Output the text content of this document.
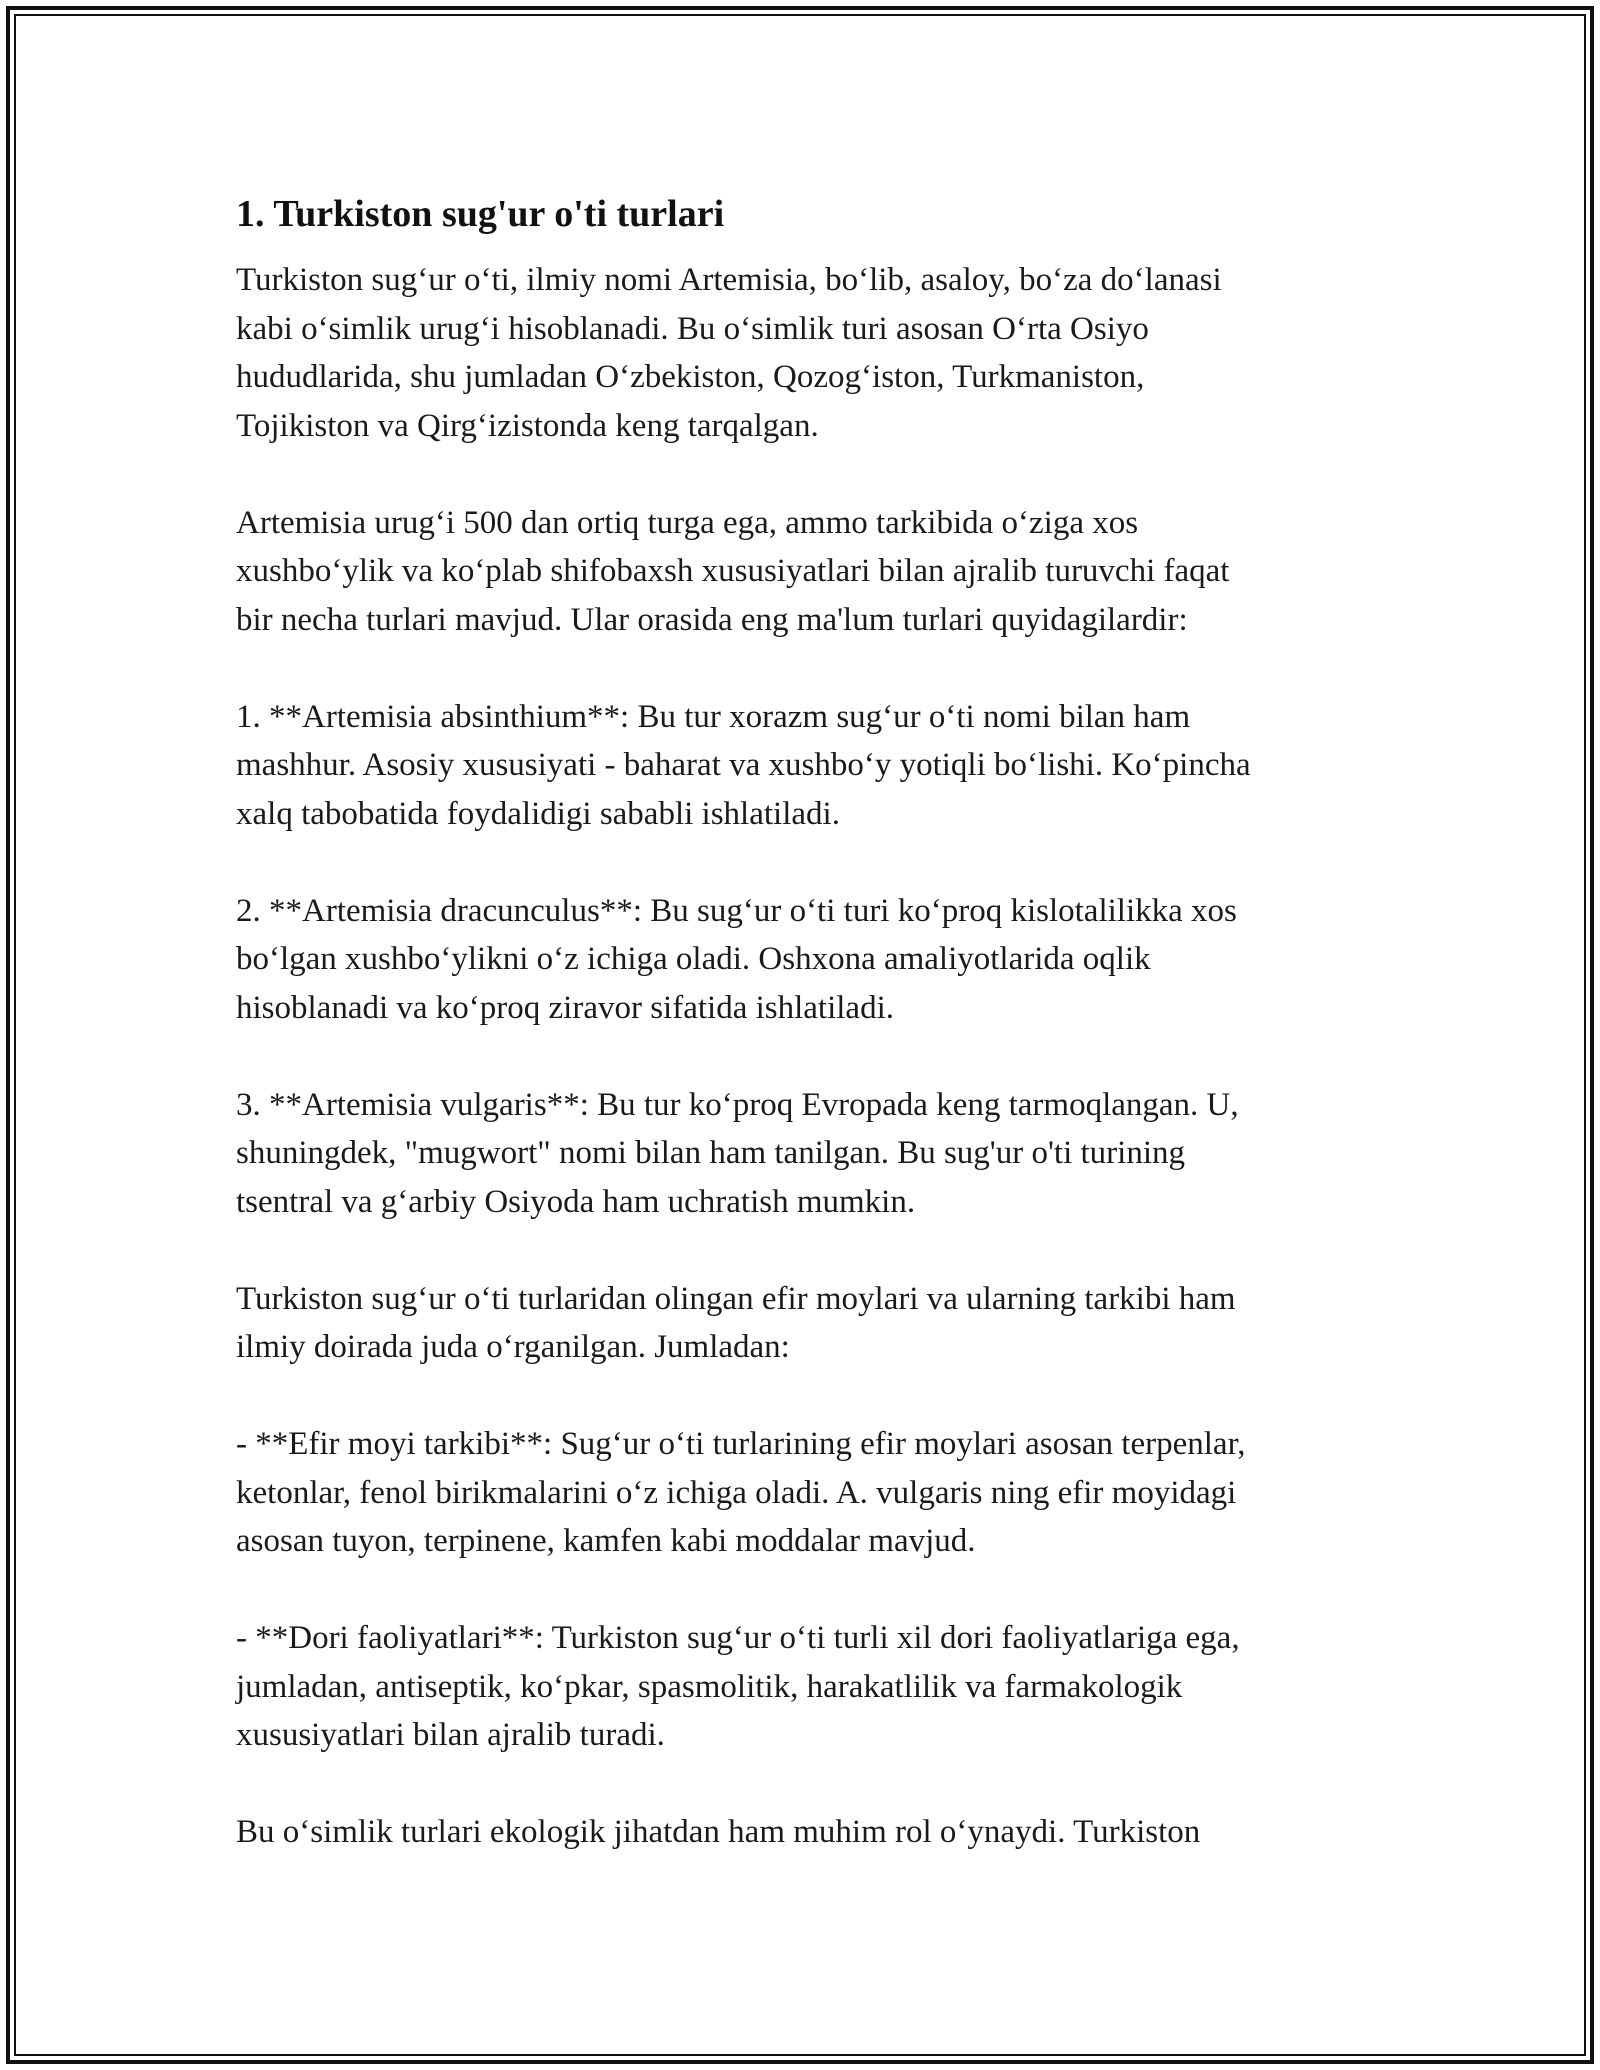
1. Turkiston sug'ur o'ti turlari

Turkiston sug‘ur o‘ti, ilmiy nomi Artemisia, bo‘lib, asaloy, bo‘za do‘lanasi
kabi o‘simlik urug‘i hisoblanadi. Bu o‘simlik turi asosan O‘rta Osiyo
hududlarida, shu jumladan O‘zbekiston, Qozog‘iston, Turkmaniston,
Tojikiston va Qirg‘izistonda keng tarqalgan.

Artemisia urug‘i 500 dan ortiq turga ega, ammo tarkibida o‘ziga xos
xushbo‘ylik va ko‘plab shifobaxsh xususiyatlari bilan ajralib turuvchi faqat
bir necha turlari mavjud. Ular orasida eng ma'lum turlari quyidagilardir:

1. **Artemisia absinthium**: Bu tur xorazm sug‘ur o‘ti nomi bilan ham
mashhur. Asosiy xususiyati - baharat va xushbo‘y yotiqli bo‘lishi. Ko‘pincha
xalq tabobatida foydalidigi sababli ishlatiladi.

2. **Artemisia dracunculus**: Bu sug‘ur o‘ti turi ko‘proq kislotalilikka xos
bo‘lgan xushbo‘ylikni o‘z ichiga oladi. Oshxona amaliyotlarida oqlik
hisoblanadi va ko‘proq ziravor sifatida ishlatiladi.

3. **Artemisia vulgaris**: Bu tur ko‘proq Evropada keng tarmoqlangan. U,
shuningdek, "mugwort" nomi bilan ham tanilgan. Bu sug'ur o'ti turining
tsentral va g‘arbiy Osiyoda ham uchratish mumkin.

Turkiston sug‘ur o‘ti turlaridan olingan efir moylari va ularning tarkibi ham
ilmiy doirada juda o‘rganilgan. Jumladan:

- **Efir moyi tarkibi**: Sug‘ur o‘ti turlarining efir moylari asosan terpenlar,
ketonlar, fenol birikmalarini o‘z ichiga oladi. A. vulgaris ning efir moyidagi
asosan tuyon, terpinene, kamfen kabi moddalar mavjud.

- **Dori faoliyatlari**: Turkiston sug‘ur o‘ti turli xil dori faoliyatlariga ega,
jumladan, antiseptik, ko‘pkar, spasmolitik, harakatlilik va farmakologik
xususiyatlari bilan ajralib turadi.

Bu o‘simlik turlari ekologik jihatdan ham muhim rol o‘ynaydi. Turkiston
